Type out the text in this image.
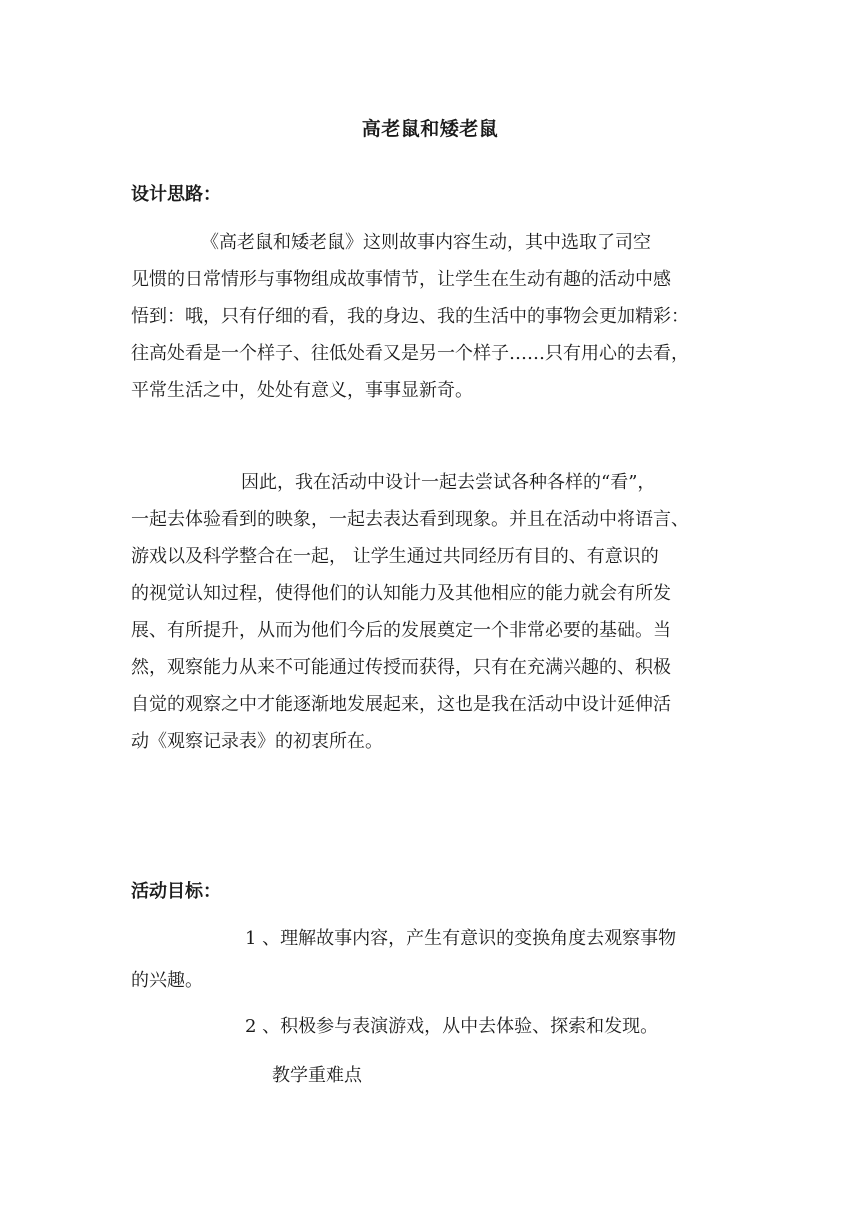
高老鼠和矮老鼠
设计思路：
《高老鼠和矮老鼠》这则故事内容生动，其中选取了司空
见惯的日常情形与事物组成故事情节，让学生在生动有趣的活动中感
悟到：哦，只有仔细的看，我的身边、我的生活中的事物会更加精彩：
往高处看是一个样子、往低处看又是另一个样子……只有用心的去看，
平常生活之中，处处有意义，事事显新奇。
因此，我在活动中设计一起去尝试各种各样的“看”，
一起去体验看到的映象，一起去表达看到现象。并且在活动中将语言、
游戏以及科学整合在一起， 让学生通过共同经历有目的、有意识的
的视觉认知过程，使得他们的认知能力及其他相应的能力就会有所发
展、有所提升，从而为他们今后的发展奠定一个非常必要的基础。当
然，观察能力从来不可能通过传授而获得，只有在充满兴趣的、积极
自觉的观察之中才能逐渐地发展起来，这也是我在活动中设计延伸活
动《观察记录表》的初衷所在。
活动目标：
1 、理解故事内容，产生有意识的变换角度去观察事物
的兴趣。
2 、积极参与表演游戏，从中去体验、探索和发现。
教学重难点
